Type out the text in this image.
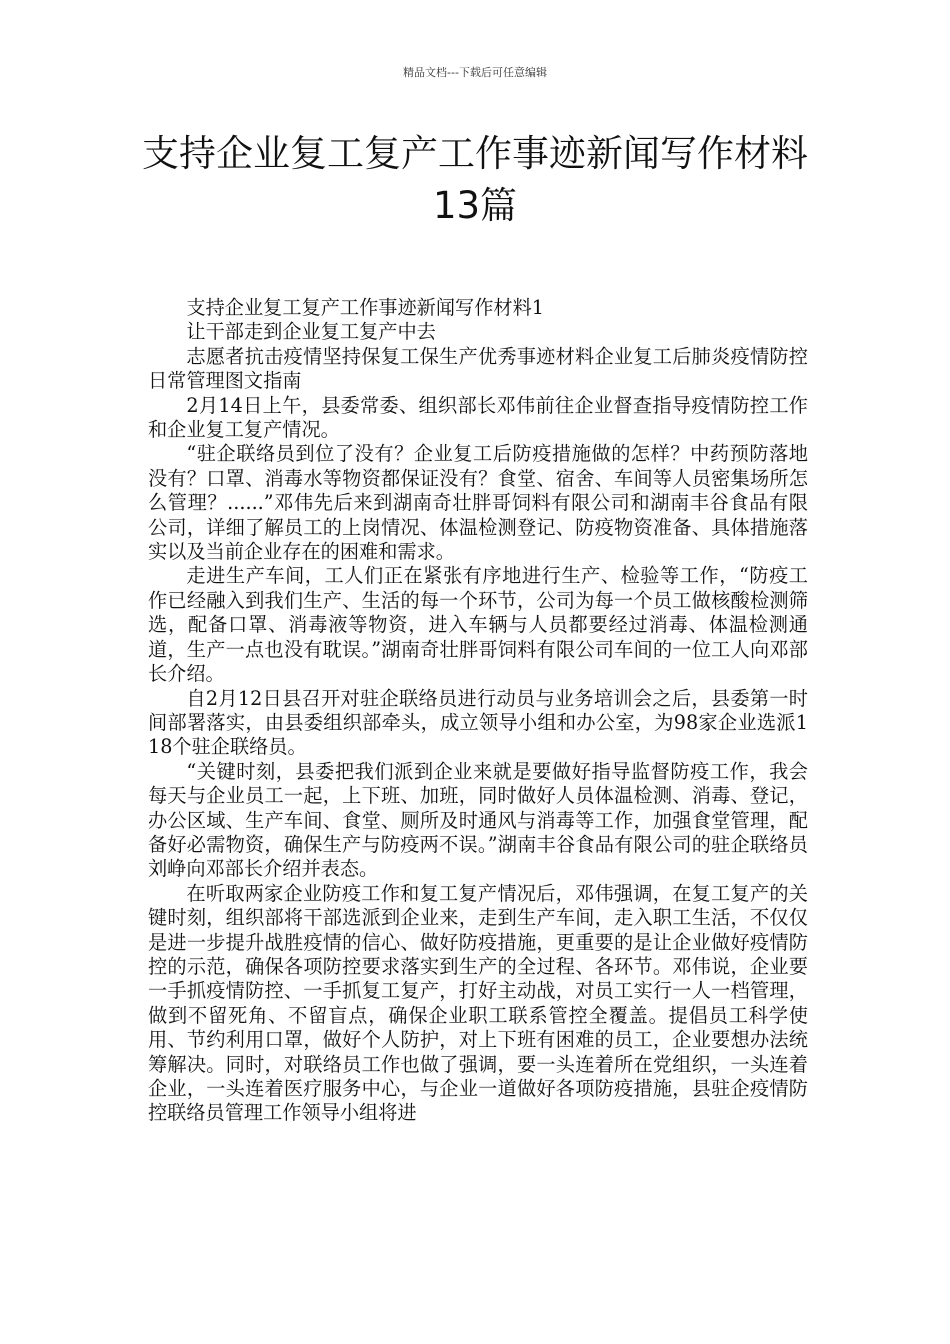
精品文档---下载后可任意编辑
支持企业复工复产工作事迹新闻写作材料13篇

支持企业复工复产工作事迹新闻写作材料1

让干部走到企业复工复产中去

志愿者抗击疫情坚持保复工保生产优秀事迹材料企业复工后肺炎疫情防控日常管理图文指南

2月14日上午，县委常委、组织部长邓伟前往企业督查指导疫情防控工作和企业复工复产情况。

“驻企联络员到位了没有？企业复工后防疫措施做的怎样？中药预防落地没有？口罩、消毒水等物资都保证没有？食堂、宿舍、车间等人员密集场所怎么管理？......”邓伟先后来到湖南奇壮胖哥饲料有限公司和湖南丰谷食品有限公司，详细了解员工的上岗情况、体温检测登记、防疫物资准备、具体措施落实以及当前企业存在的困难和需求。

走进生产车间，工人们正在紧张有序地进行生产、检验等工作，“防疫工作已经融入到我们生产、生活的每一个环节，公司为每一个员工做核酸检测筛选，配备口罩、消毒液等物资，进入车辆与人员都要经过消毒、体温检测通道，生产一点也没有耽误。”湖南奇壮胖哥饲料有限公司车间的一位工人向邓部长介绍。

自2月12日县召开对驻企联络员进行动员与业务培训会之后，县委第一时间部署落实，由县委组织部牵头，成立领导小组和办公室，为98家企业选派118个驻企联络员。

“关键时刻，县委把我们派到企业来就是要做好指导监督防疫工作，我会每天与企业员工一起，上下班、加班，同时做好人员体温检测、消毒、登记，办公区域、生产车间、食堂、厕所及时通风与消毒等工作，加强食堂管理，配备好必需物资，确保生产与防疫两不误。”湖南丰谷食品有限公司的驻企联络员刘峥向邓部长介绍并表态。

在听取两家企业防疫工作和复工复产情况后，邓伟强调，在复工复产的关键时刻，组织部将干部选派到企业来，走到生产车间，走入职工生活，不仅仅是进一步提升战胜疫情的信心、做好防疫措施，更重要的是让企业做好疫情防控的示范，确保各项防控要求落实到生产的全过程、各环节。邓伟说，企业要一手抓疫情防控、一手抓复工复产，打好主动战，对员工实行一人一档管理，做到不留死角、不留盲点，确保企业职工联系管控全覆盖。提倡员工科学使用、节约利用口罩，做好个人防护，对上下班有困难的员工，企业要想办法统筹解决。同时，对联络员工作也做了强调，要一头连着所在党组织，一头连着企业，一头连着医疗服务中心，与企业一道做好各项防疫措施，县驻企疫情防控联络员管理工作领导小组将进
